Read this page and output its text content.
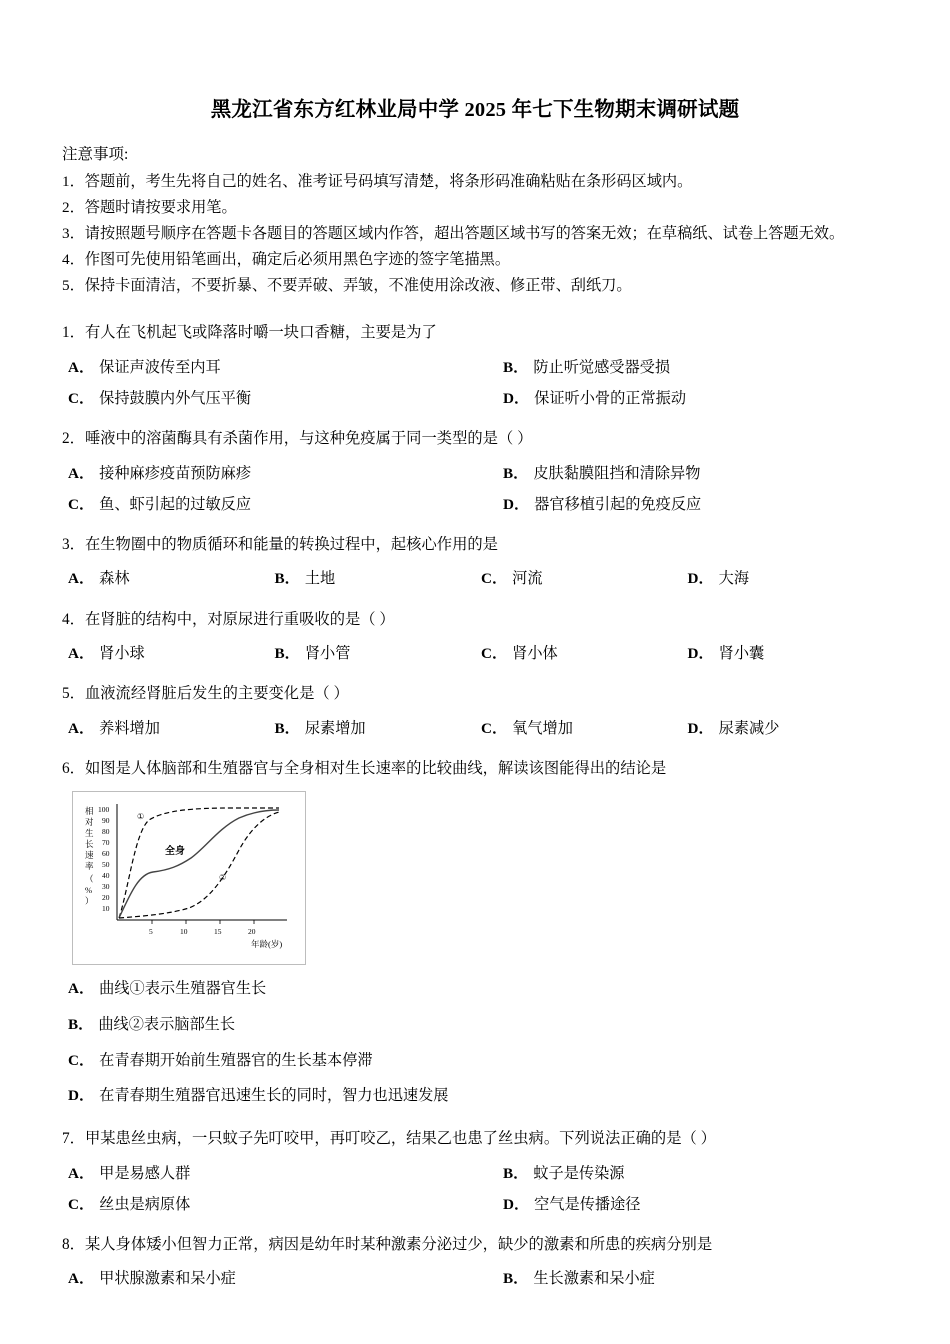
黑龙江省东方红林业局中学 2025 年七下生物期末调研试题
注意事项:
1．答题前，考生先将自己的姓名、准考证号码填写清楚，将条形码准确粘贴在条形码区域内。
2．答题时请按要求用笔。
3．请按照题号顺序在答题卡各题目的答题区域内作答，超出答题区域书写的答案无效；在草稿纸、试卷上答题无效。
4．作图可先使用铅笔画出，确定后必须用黑色字迹的签字笔描黑。
5．保持卡面清洁，不要折暴、不要弄破、弄皱，不准使用涂改液、修正带、刮纸刀。
1．有人在飞机起飞或降落时嚼一块口香糖，主要是为了
A． 保证声波传至内耳	B． 防止听觉感受器受损
C． 保持鼓膜内外气压平衡	D． 保证听小骨的正常振动
2．唾液中的溶菌酶具有杀菌作用，与这种免疫属于同一类型的是（ ）
A． 接种麻疹疫苗预防麻疹	B． 皮肤黏膜阻挡和清除异物
C． 鱼、虾引起的过敏反应	D． 器官移植引起的免疫反应
3．在生物圈中的物质循环和能量的转换过程中，起核心作用的是
A． 森林	B． 土地	C． 河流	D． 大海
4．在肾脏的结构中，对原尿进行重吸收的是（ ）
A． 肾小球	B． 肾小管	C． 肾小体	D． 肾小囊
5．血液流经肾脏后发生的主要变化是（ ）
A． 养料增加	B． 尿素增加	C． 氧气增加	D． 尿素减少
6．如图是人体脑部和生殖器官与全身相对生长速率的比较曲线，解读该图能得出的结论是
相
对
生
长
速
率
（
%
）
100
90
80
70
60
50
40
30
20
10
5	10	15	20
年龄(岁)
①
全身
②
A． 曲线①表示生殖器官生长
B． 曲线②表示脑部生长
C． 在青春期开始前生殖器官的生长基本停滞
D． 在青春期生殖器官迅速生长的同时，智力也迅速发展
7．甲某患丝虫病，一只蚊子先叮咬甲，再叮咬乙，结果乙也患了丝虫病。下列说法正确的是（ ）
A． 甲是易感人群	B． 蚊子是传染源
C． 丝虫是病原体	D． 空气是传播途径
8．某人身体矮小但智力正常，病因是幼年时某种激素分泌过少，缺少的激素和所患的疾病分别是
A． 甲状腺激素和呆小症	B． 生长激素和呆小症
